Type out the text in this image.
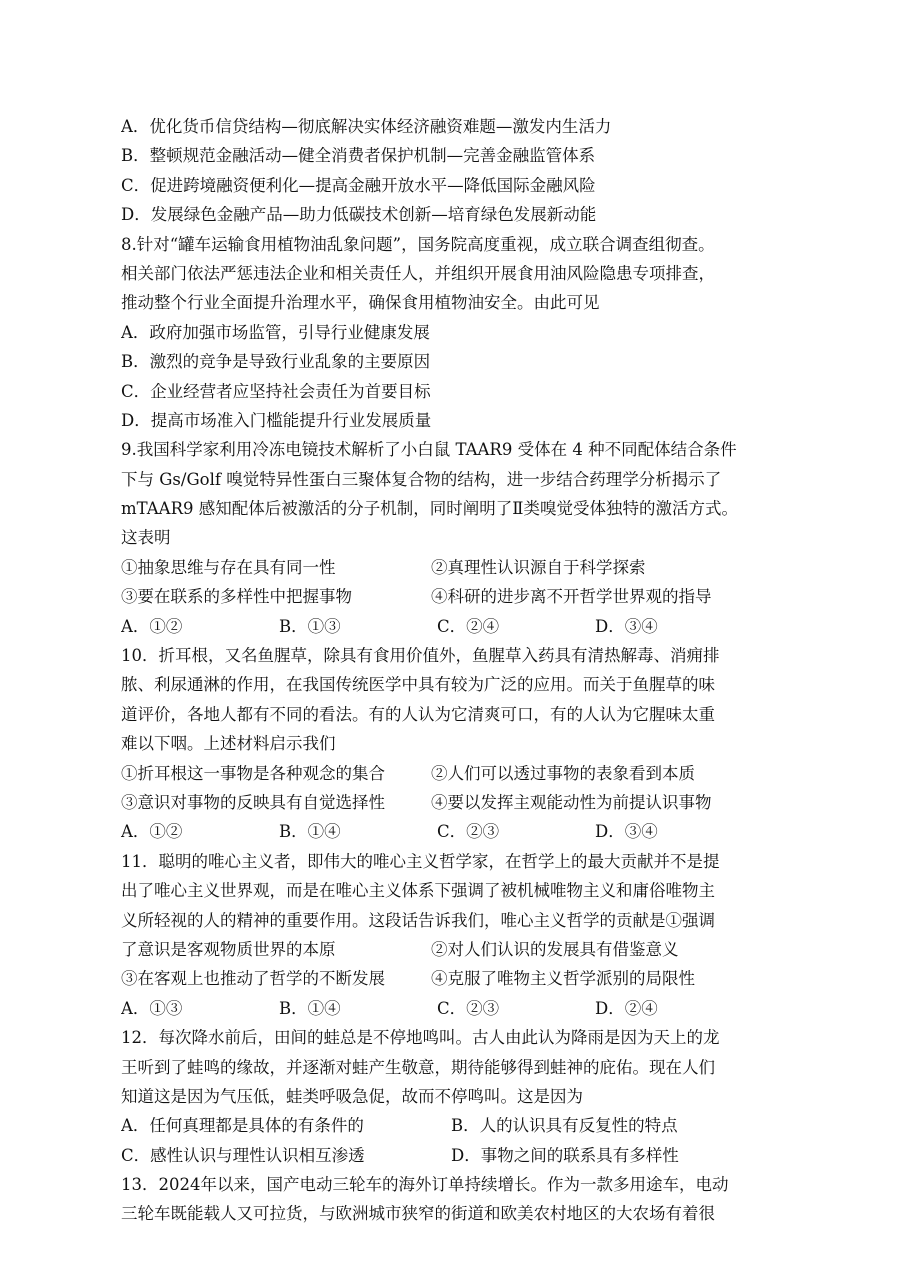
A．优化货币信贷结构—彻底解决实体经济融资难题—激发内生活力
B．整顿规范金融活动—健全消费者保护机制—完善金融监管体系
C．促进跨境融资便利化—提高金融开放水平—降低国际金融风险
D．发展绿色金融产品—助力低碳技术创新—培育绿色发展新动能
8.针对“罐车运输食用植物油乱象问题”，国务院高度重视，成立联合调查组彻查。
相关部门依法严惩违法企业和相关责任人，并组织开展食用油风险隐患专项排查，
推动整个行业全面提升治理水平，确保食用植物油安全。由此可见
A．政府加强市场监管，引导行业健康发展
B．激烈的竞争是导致行业乱象的主要原因
C．企业经营者应坚持社会责任为首要目标
D．提高市场准入门槛能提升行业发展质量
9.我国科学家利用冷冻电镜技术解析了小白鼠 TAAR9 受体在 4 种不同配体结合条件
下与 Gs/Golf 嗅觉特异性蛋白三聚体复合物的结构，进一步结合药理学分析揭示了
mTAAR9 感知配体后被激活的分子机制，同时阐明了Ⅱ类嗅觉受体独特的激活方式。
这表明
①抽象思维与存在具有同一性	②真理性认识源自于科学探索
③要在联系的多样性中把握事物	④科研的进步离不开哲学世界观的指导
A．①②	B．①③	C．②④	D．③④
10．折耳根，又名鱼腥草，除具有食用价值外，鱼腥草入药具有清热解毒、消痈排
脓、利尿通淋的作用，在我国传统医学中具有较为广泛的应用。而关于鱼腥草的味
道评价，各地人都有不同的看法。有的人认为它清爽可口，有的人认为它腥味太重
难以下咽。上述材料启示我们
①折耳根这一事物是各种观念的集合	②人们可以透过事物的表象看到本质
③意识对事物的反映具有自觉选择性	④要以发挥主观能动性为前提认识事物
A．①②	B．①④	C．②③	D．③④
11．聪明的唯心主义者，即伟大的唯心主义哲学家，在哲学上的最大贡献并不是提
出了唯心主义世界观，而是在唯心主义体系下强调了被机械唯物主义和庸俗唯物主
义所轻视的人的精神的重要作用。这段话告诉我们，唯心主义哲学的贡献是①强调
了意识是客观物质世界的本原	②对人们认识的发展具有借鉴意义
③在客观上也推动了哲学的不断发展	④克服了唯物主义哲学派别的局限性
A．①③	B．①④	C．②③	D．②④
12．每次降水前后，田间的蛙总是不停地鸣叫。古人由此认为降雨是因为天上的龙
王听到了蛙鸣的缘故，并逐渐对蛙产生敬意，期待能够得到蛙神的庇佑。现在人们
知道这是因为气压低，蛙类呼吸急促，故而不停鸣叫。这是因为
A．任何真理都是具体的有条件的	B．人的认识具有反复性的特点
C．感性认识与理性认识相互渗透	D．事物之间的联系具有多样性
13．2024年以来，国产电动三轮车的海外订单持续增长。作为一款多用途车，电动
三轮车既能载人又可拉货，与欧洲城市狭窄的街道和欧美农村地区的大农场有着很
